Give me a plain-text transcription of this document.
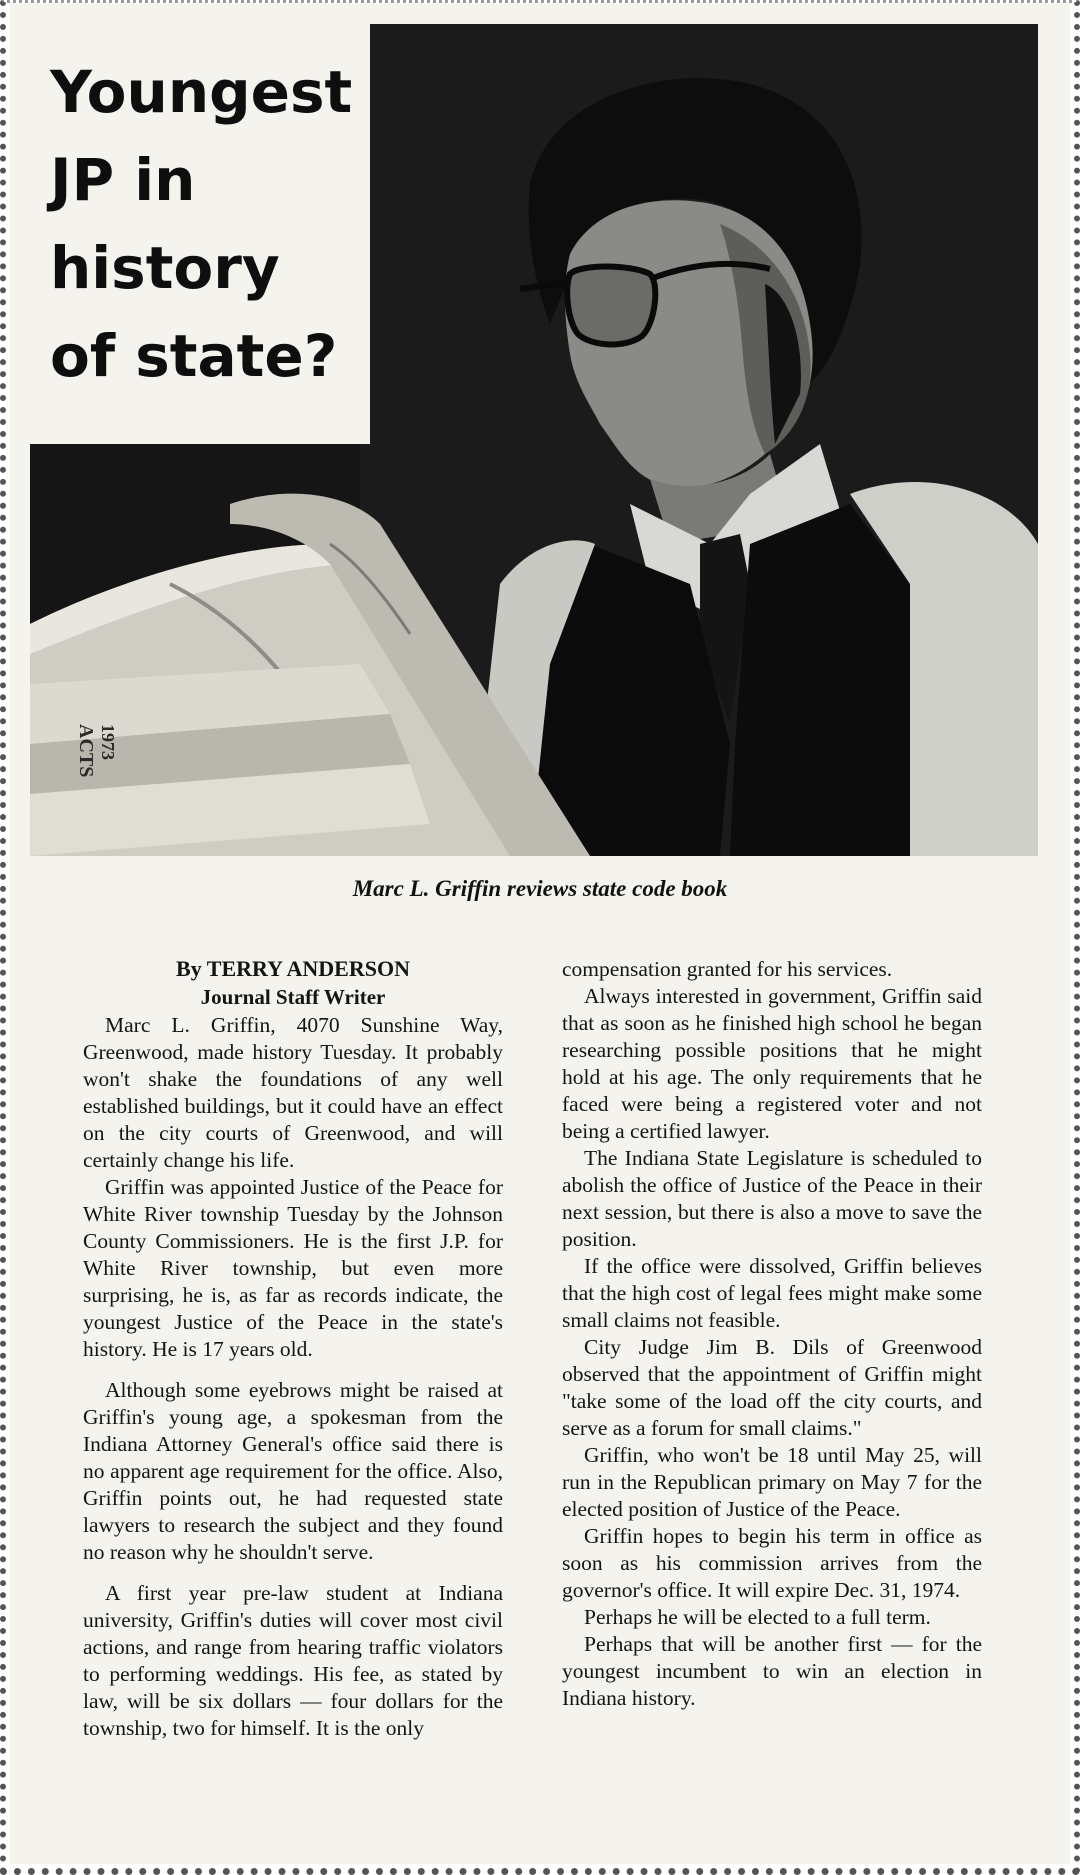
ACTS 1973
Youngest
JP in
history
of state?
Marc L. Griffin reviews state code book

By TERRY ANDERSON

Journal Staff Writer

Marc L. Griffin, 4070 Sunshine Way, Greenwood, made history Tuesday. It probably won't shake the foundations of any well established buildings, but it could have an effect on the city courts of Greenwood, and will certainly change his life.

Griffin was appointed Justice of the Peace for White River township Tuesday by the Johnson County Commissioners. He is the first J.P. for White River township, but even more surprising, he is, as far as records indicate, the youngest Justice of the Peace in the state's history. He is 17 years old.

Although some eyebrows might be raised at Griffin's young age, a spokesman from the Indiana Attorney General's office said there is no apparent age requirement for the office. Also, Griffin points out, he had requested state lawyers to research the subject and they found no reason why he shouldn't serve.

A first year pre-law student at Indiana university, Griffin's duties will cover most civil actions, and range from hearing traffic violators to performing weddings. His fee, as stated by law, will be six dollars — four dollars for the township, two for himself. It is the only

compensation granted for his services.

Always interested in government, Griffin said that as soon as he finished high school he began researching possible positions that he might hold at his age. The only requirements that he faced were being a registered voter and not being a certified lawyer.

The Indiana State Legislature is scheduled to abolish the office of Justice of the Peace in their next session, but there is also a move to save the position.

If the office were dissolved, Griffin believes that the high cost of legal fees might make some small claims not feasible.

City Judge Jim B. Dils of Greenwood observed that the appointment of Griffin might "take some of the load off the city courts, and serve as a forum for small claims."

Griffin, who won't be 18 until May 25, will run in the Republican primary on May 7 for the elected position of Justice of the Peace.

Griffin hopes to begin his term in office as soon as his commission arrives from the governor's office. It will expire Dec. 31, 1974.

Perhaps he will be elected to a full term.

Perhaps that will be another first — for the youngest incumbent to win an election in Indiana history.
